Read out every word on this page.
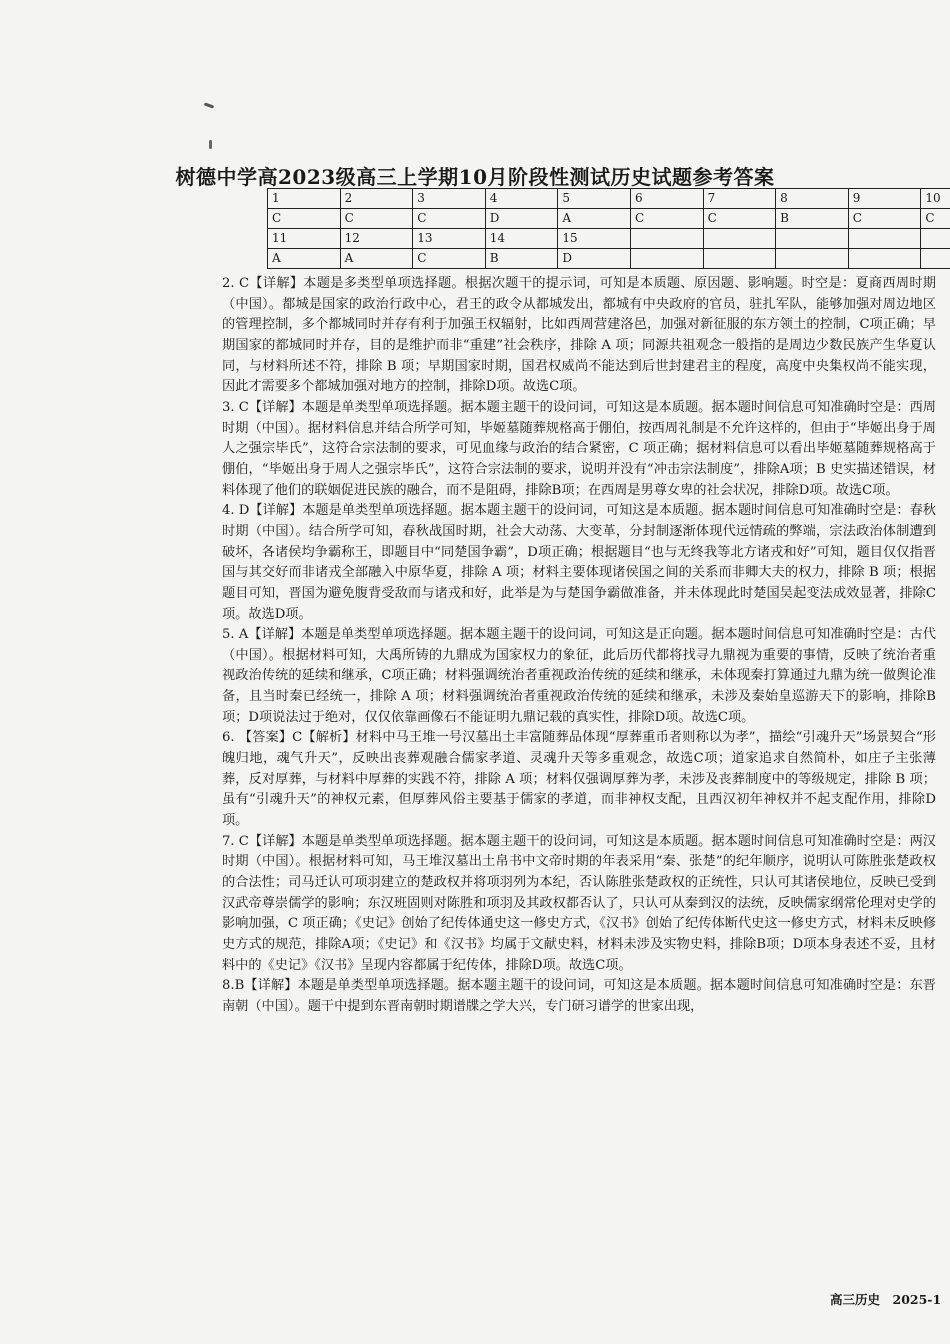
树德中学高2023级高三上学期10月阶段性测试历史试题参考答案
1	2	3	4	5	6	7	8	9	10
C	C	C	D	A	C	C	B	C	C
11	12	13	14	15					
A	A	C	B	D					

2. C【详解】本题是多类型单项选择题。根据次题干的提示词，可知是本质题、原因题、影响题。时空是：夏商西周时期（中国）。都城是国家的政治行政中心，君王的政令从都城发出，都城有中央政府的官员，驻扎军队，能够加强对周边地区的管理控制，多个都城同时并存有利于加强王权辐射，比如西周营建洛邑，加强对新征服的东方领土的控制，C项正确；早期国家的都城同时并存，目的是维护而非“重建”社会秩序，排除 A 项；同源共祖观念一般指的是周边少数民族产生华夏认同，与材料所述不符，排除 B 项；早期国家时期，国君权威尚不能达到后世封建君主的程度，高度中央集权尚不能实现，因此才需要多个都城加强对地方的控制，排除D项。故选C项。

3. C【详解】本题是单类型单项选择题。据本题主题干的设问词，可知这是本质题。据本题时间信息可知准确时空是：西周时期（中国）。据材料信息并结合所学可知，毕姬墓随葬规格高于倗伯，按西周礼制是不允许这样的，但由于“毕姬出身于周人之强宗毕氏”，这符合宗法制的要求，可见血缘与政治的结合紧密，C 项正确；据材料信息可以看出毕姬墓随葬规格高于倗伯，“毕姬出身于周人之强宗毕氏”，这符合宗法制的要求，说明并没有“冲击宗法制度”，排除A项；B 史实描述错误，材料体现了他们的联姻促进民族的融合，而不是阻碍，排除B项；在西周是男尊女卑的社会状况，排除D项。故选C项。

4. D【详解】本题是单类型单项选择题。据本题主题干的设问词，可知这是本质题。据本题时间信息可知准确时空是：春秋时期（中国）。结合所学可知，春秋战国时期，社会大动荡、大变革，分封制逐渐体现代远情疏的弊端，宗法政治体制遭到破坏，各诸侯均争霸称王，即题目中“同楚国争霸”，D项正确；根据题目“也与无终我等北方诸戎和好”可知，题目仅仅指晋国与其交好而非诸戎全部融入中原华夏，排除 A 项；材料主要体现诸侯国之间的关系而非卿大夫的权力，排除 B 项；根据题目可知，晋国为避免腹背受敌而与诸戎和好，此举是为与楚国争霸做准备，并未体现此时楚国吴起变法成效显著，排除C项。故选D项。

5. A【详解】本题是单类型单项选择题。据本题主题干的设问词，可知这是正向题。据本题时间信息可知准确时空是：古代（中国）。根据材料可知，大禹所铸的九鼎成为国家权力的象征，此后历代都将找寻九鼎视为重要的事情，反映了统治者重视政治传统的延续和继承，C项正确；材料强调统治者重视政治传统的延续和继承，未体现秦打算通过九鼎为统一做舆论准备，且当时秦已经统一，排除 A 项；材料强调统治者重视政治传统的延续和继承，未涉及秦始皇巡游天下的影响，排除B项；D项说法过于绝对，仅仅依靠画像石不能证明九鼎记载的真实性，排除D项。故选C项。

6. 【答案】C【解析】材料中马王堆一号汉墓出土丰富随葬品体现“厚葬重币者则称以为孝”，描绘“引魂升天”场景契合“形魄归地，魂气升天”，反映出丧葬观融合儒家孝道、灵魂升天等多重观念，故选C项；道家追求自然简朴，如庄子主张薄葬，反对厚葬，与材料中厚葬的实践不符，排除 A 项；材料仅强调厚葬为孝，未涉及丧葬制度中的等级规定，排除 B 项；虽有“引魂升天”的神权元素，但厚葬风俗主要基于儒家的孝道，而非神权支配，且西汉初年神权并不起支配作用，排除D项。

7. C【详解】本题是单类型单项选择题。据本题主题干的设问词，可知这是本质题。据本题时间信息可知准确时空是：两汉时期（中国）。根据材料可知，马王堆汉墓出土帛书中文帝时期的年表采用“秦、张楚”的纪年顺序，说明认可陈胜张楚政权的合法性；司马迁认可项羽建立的楚政权并将项羽列为本纪，否认陈胜张楚政权的正统性，只认可其诸侯地位，反映已受到汉武帝尊崇儒学的影响；东汉班固则对陈胜和项羽及其政权都否认了，只认可从秦到汉的法统，反映儒家纲常伦理对史学的影响加强，C 项正确；《史记》创始了纪传体通史这一修史方式，《汉书》创始了纪传体断代史这一修史方式，材料未反映修史方式的规范，排除A项；《史记》和《汉书》均属于文献史料，材料未涉及实物史料，排除B项；D项本身表述不妥，且材料中的《史记》《汉书》呈现内容都属于纪传体，排除D项。故选C项。

8.B【详解】本题是单类型单项选择题。据本题主题干的设问词，可知这是本质题。据本题时间信息可知准确时空是：东晋南朝（中国）。题干中提到东晋南朝时期谱牒之学大兴，专门研习谱学的世家出现，

高三历史　2025-1
